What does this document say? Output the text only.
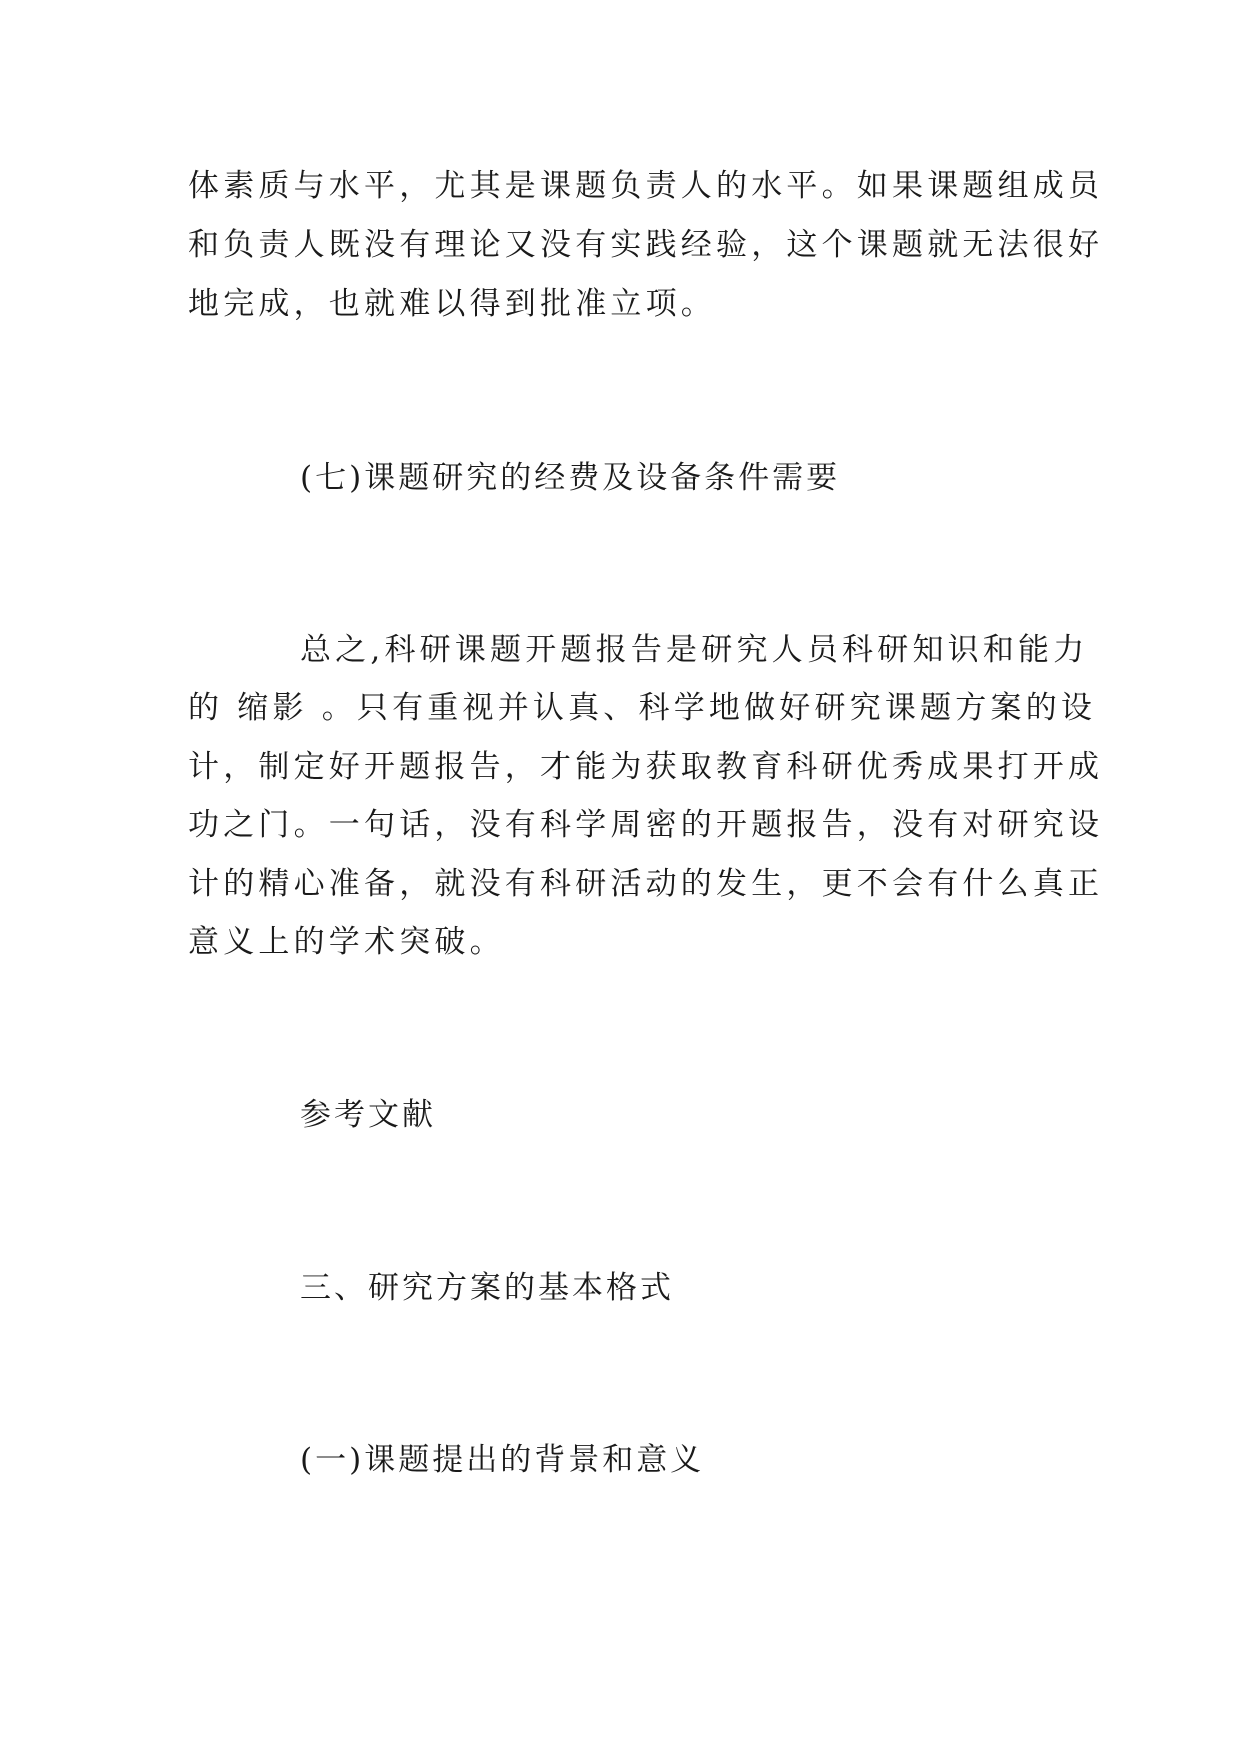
体素质与水平，尤其是课题负责人的水平。如果课题组成员
和负责人既没有理论又没有实践经验，这个课题就无法很好
地完成，也就难以得到批准立项。
(七)课题研究的经费及设备条件需要
总之,科研课题开题报告是研究人员科研知识和能力
的 缩影 。只有重视并认真、科学地做好研究课题方案的设
计，制定好开题报告，才能为获取教育科研优秀成果打开成
功之门。一句话，没有科学周密的开题报告，没有对研究设
计的精心准备，就没有科研活动的发生，更不会有什么真正
意义上的学术突破。
参考文献
三、研究方案的基本格式
(一)课题提出的背景和意义
